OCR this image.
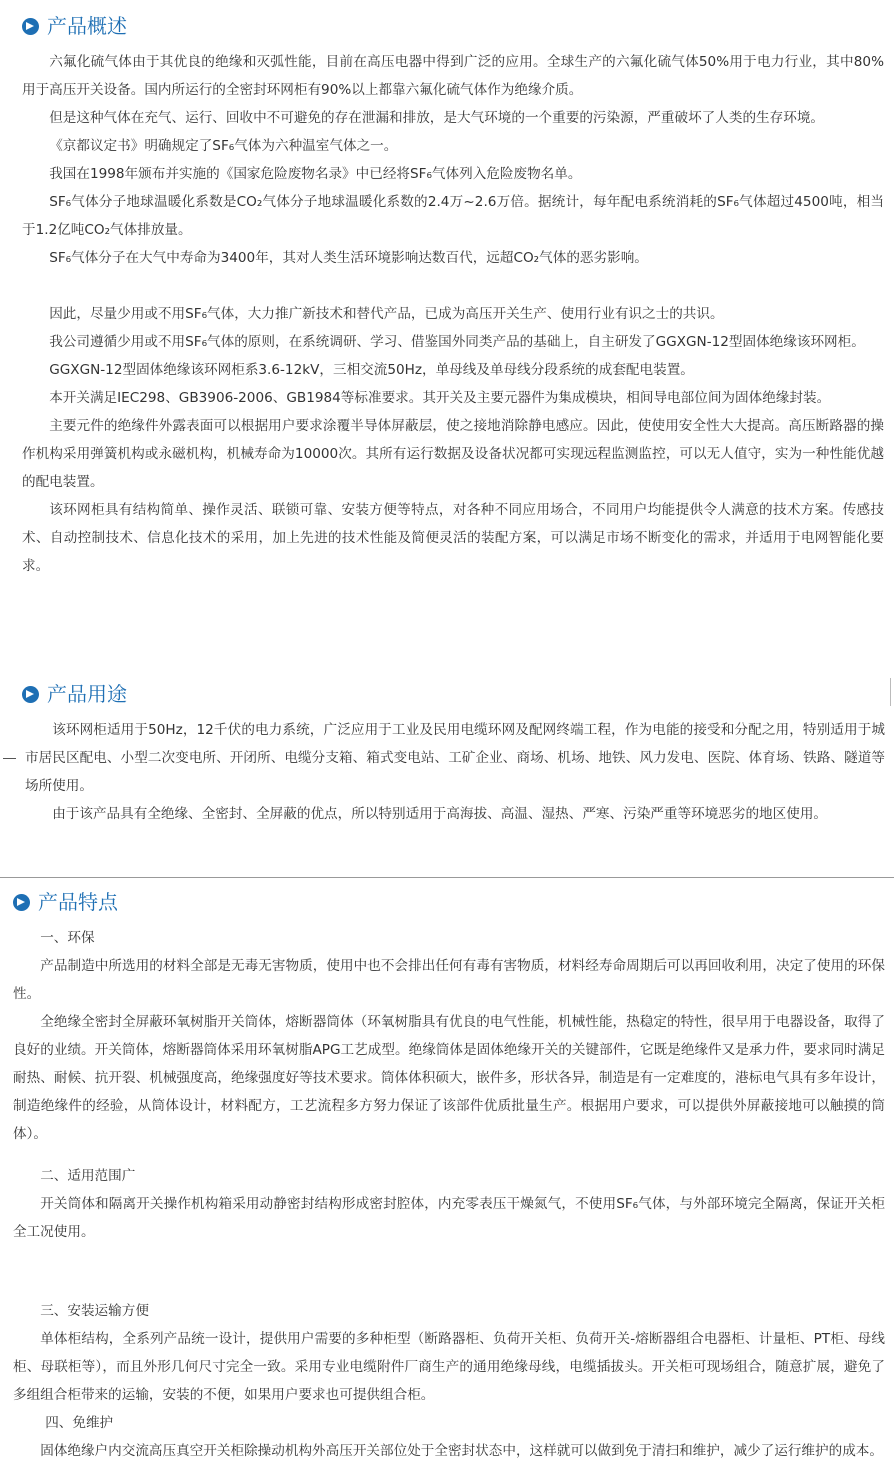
产品概述

六氟化硫气体由于其优良的绝缘和灭弧性能，目前在高压电器中得到广泛的应用。全球生产的六氟化硫气体50%用于电力行业，其中80%用于高压开关设备。国内所运行的全密封环网柜有90%以上都靠六氟化硫气体作为绝缘介质。

但是这种气体在充气、运行、回收中不可避免的存在泄漏和排放，是大气环境的一个重要的污染源，严重破坏了人类的生存环境。

《京都议定书》明确规定了SF₆气体为六种温室气体之一。

我国在1998年颁布并实施的《国家危险废物名录》中已经将SF₆气体列入危险废物名单。

SF₆气体分子地球温暖化系数是CO₂气体分子地球温暖化系数的2.4万~2.6万倍。据统计，每年配电系统消耗的SF₆气体超过4500吨，相当于1.2亿吨CO₂气体排放量。

SF₆气体分子在大气中寿命为3400年，其对人类生活环境影响达数百代，远超CO₂气体的恶劣影响。

因此，尽量少用或不用SF₆气体，大力推广新技术和替代产品，已成为高压开关生产、使用行业有识之士的共识。

我公司遵循少用或不用SF₆气体的原则，在系统调研、学习、借鉴国外同类产品的基础上，自主研发了GGXGN-12型固体绝缘该环网柜。

GGXGN-12型固体绝缘该环网柜系3.6-12kV，三相交流50Hz，单母线及单母线分段系统的成套配电装置。

本开关满足IEC298、GB3906-2006、GB1984等标准要求。其开关及主要元器件为集成模块，相间导电部位间为固体绝缘封装。

主要元件的绝缘件外露表面可以根据用户要求涂覆半导体屏蔽层，使之接地消除静电感应。因此，使使用安全性大大提高。高压断路器的操作机构采用弹簧机构或永磁机构，机械寿命为10000次。其所有运行数据及设备状况都可实现远程监测监控，可以无人值守，实为一种性能优越的配电装置。

该环网柜具有结构简单、操作灵活、联锁可靠、安装方便等特点，对各种不同应用场合，不同用户均能提供令人满意的技术方案。传感技术、自动控制技术、信息化技术的采用，加上先进的技术性能及简便灵活的装配方案，可以满足市场不断变化的需求，并适用于电网智能化要求。

产品用途

该环网柜适用于50Hz，12千伏的电力系统，广泛应用于工业及民用电缆环网及配网终端工程，作为电能的接受和分配之用，特别适用于城市居民区配电、小型二次变电所、开闭所、电缆分支箱、箱式变电站、工矿企业、商场、机场、地铁、风力发电、医院、体育场、铁路、隧道等场所使用。

由于该产品具有全绝缘、全密封、全屏蔽的优点，所以特别适用于高海拔、高温、湿热、严寒、污染严重等环境恶劣的地区使用。

产品特点

一、环保

产品制造中所选用的材料全部是无毒无害物质，使用中也不会排出任何有毒有害物质，材料经寿命周期后可以再回收利用，决定了使用的环保性。

全绝缘全密封全屏蔽环氧树脂开关筒体，熔断器筒体（环氧树脂具有优良的电气性能，机械性能，热稳定的特性，很早用于电器设备，取得了良好的业绩。开关筒体，熔断器筒体采用环氧树脂APG工艺成型。绝缘筒体是固体绝缘开关的关键部件，它既是绝缘件又是承力件，要求同时满足耐热、耐候、抗开裂、机械强度高，绝缘强度好等技术要求。筒体体积硕大，嵌件多，形状各异，制造是有一定难度的，港标电气具有多年设计，制造绝缘件的经验，从筒体设计，材料配方，工艺流程多方努力保证了该部件优质批量生产。根据用户要求，可以提供外屏蔽接地可以触摸的筒体）。

二、适用范围广

开关筒体和隔离开关操作机构箱采用动静密封结构形成密封腔体，内充零表压干燥氮气，不使用SF₆气体，与外部环境完全隔离，保证开关柜全工况使用。

三、安装运输方便

单体柜结构，全系列产品统一设计，提供用户需要的多种柜型（断路器柜、负荷开关柜、负荷开关-熔断器组合电器柜、计量柜、PT柜、母线柜、母联柜等），而且外形几何尺寸完全一致。采用专业电缆附件厂商生产的通用绝缘母线，电缆插拔头。开关柜可现场组合，随意扩展，避免了多组组合柜带来的运输，安装的不便，如果用户要求也可提供组合柜。

四、免维护

固体绝缘户内交流高压真空开关柜除操动机构外高压开关部位处于全密封状态中，这样就可以做到免于清扫和维护，减少了运行维护的成本。
